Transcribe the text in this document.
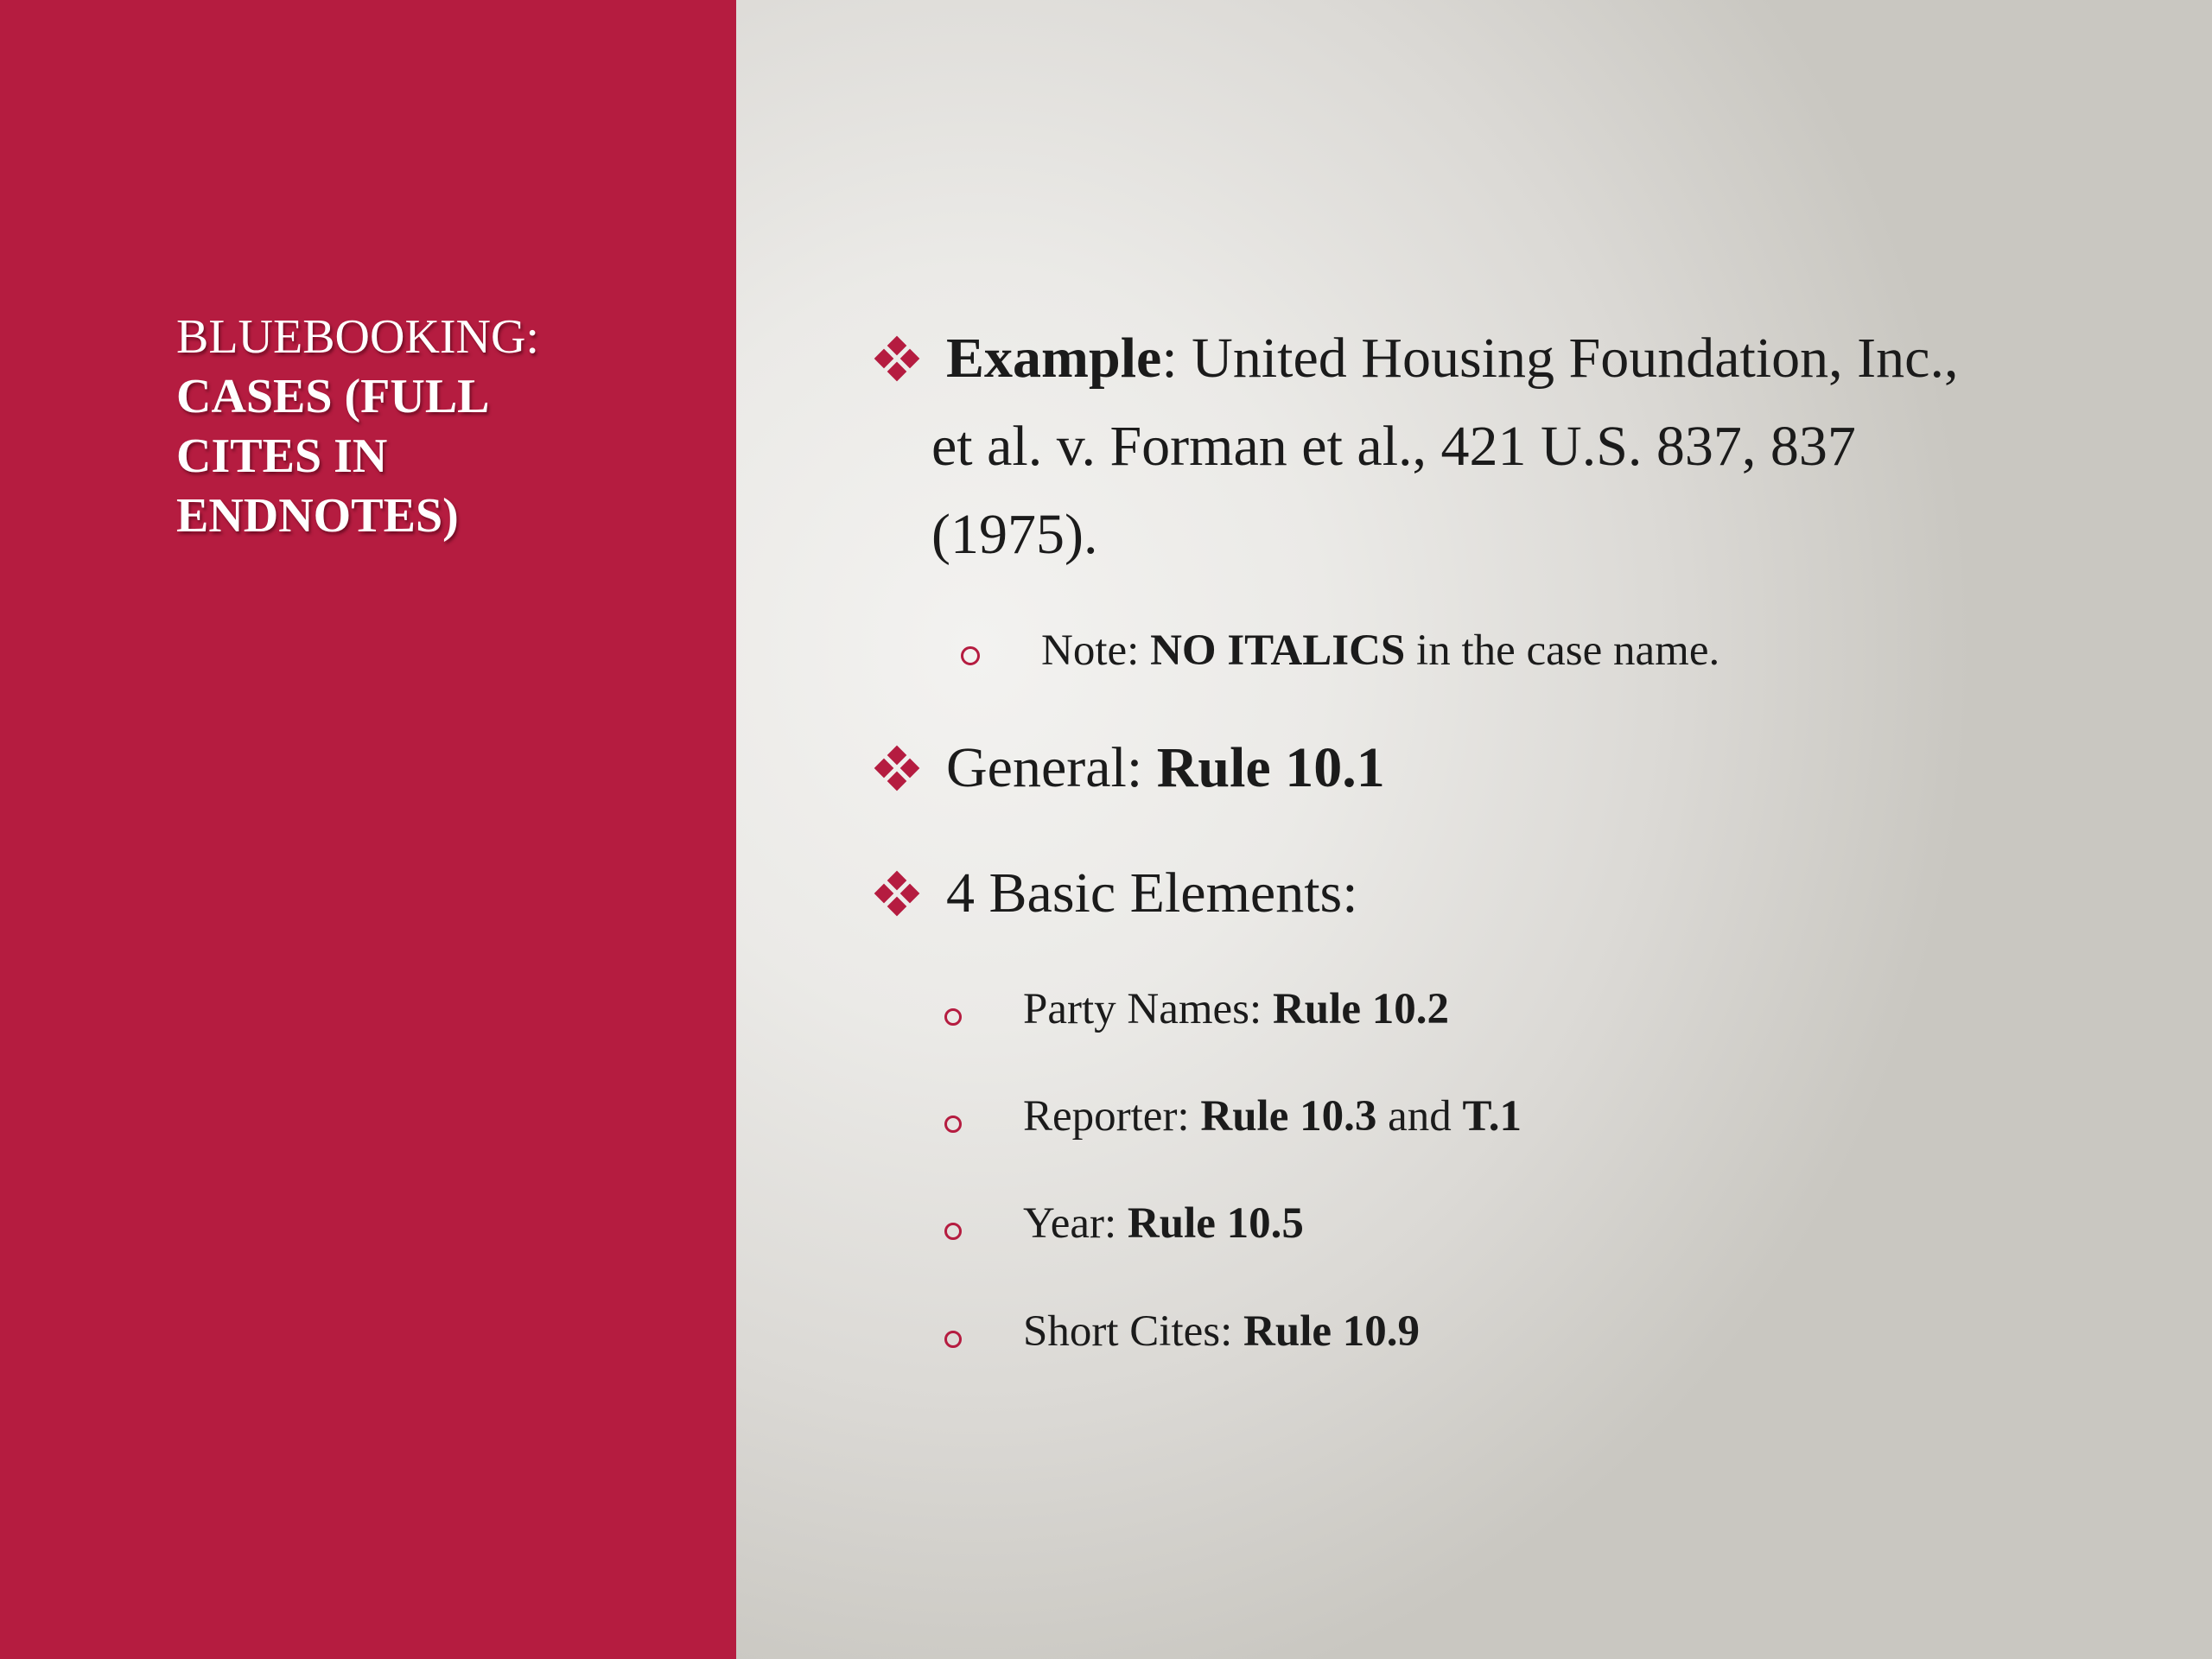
BLUEBOOKING:
CASES (FULL
CITES IN
ENDNOTES)
Example: United Housing Foundation, Inc., et al. v. Forman et al., 421 U.S. 837, 837 (1975).
Note: NO ITALICS in the case name.
General: Rule 10.1
4 Basic Elements:
Party Names: Rule 10.2
Reporter: Rule 10.3 and T.1
Year: Rule 10.5
Short Cites: Rule 10.9
